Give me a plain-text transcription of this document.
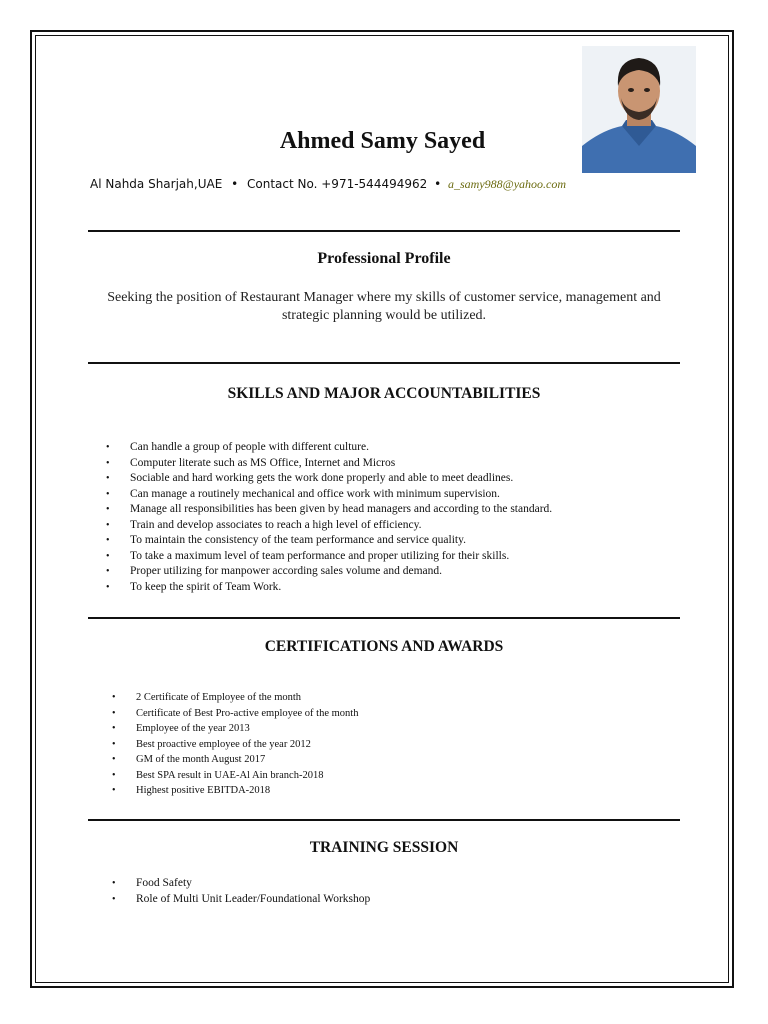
Ahmed Samy Sayed
Al Nahda Sharjah,UAE • Contact No. +971-544494962 • a_samy988@yahoo.com
Professional Profile
Seeking the position of Restaurant Manager where my skills of customer service, management and strategic planning would be utilized.
SKILLS AND MAJOR ACCOUNTABILITIES
• Can handle a group of people with different culture.
• Computer literate such as MS Office, Internet and Micros
• Sociable and hard working gets the work done properly and able to meet deadlines.
• Can manage a routinely mechanical and office work with minimum supervision.
• Manage all responsibilities has been given by head managers and according to the standard.
• Train and develop associates to reach a high level of efficiency.
• To maintain the consistency of the team performance and service quality.
• To take a maximum level of team performance and proper utilizing for their skills.
• Proper utilizing for manpower according sales volume and demand.
• To keep the spirit of Team Work.
CERTIFICATIONS AND AWARDS
• 2 Certificate of Employee of the month
• Certificate of Best Pro-active employee of the month
• Employee of the year 2013
• Best proactive employee of the year 2012
• GM of the month August 2017
• Best SPA result in UAE-Al Ain branch-2018
• Highest positive EBITDA-2018
TRAINING SESSION
• Food Safety
• Role of Multi Unit Leader/Foundational Workshop
